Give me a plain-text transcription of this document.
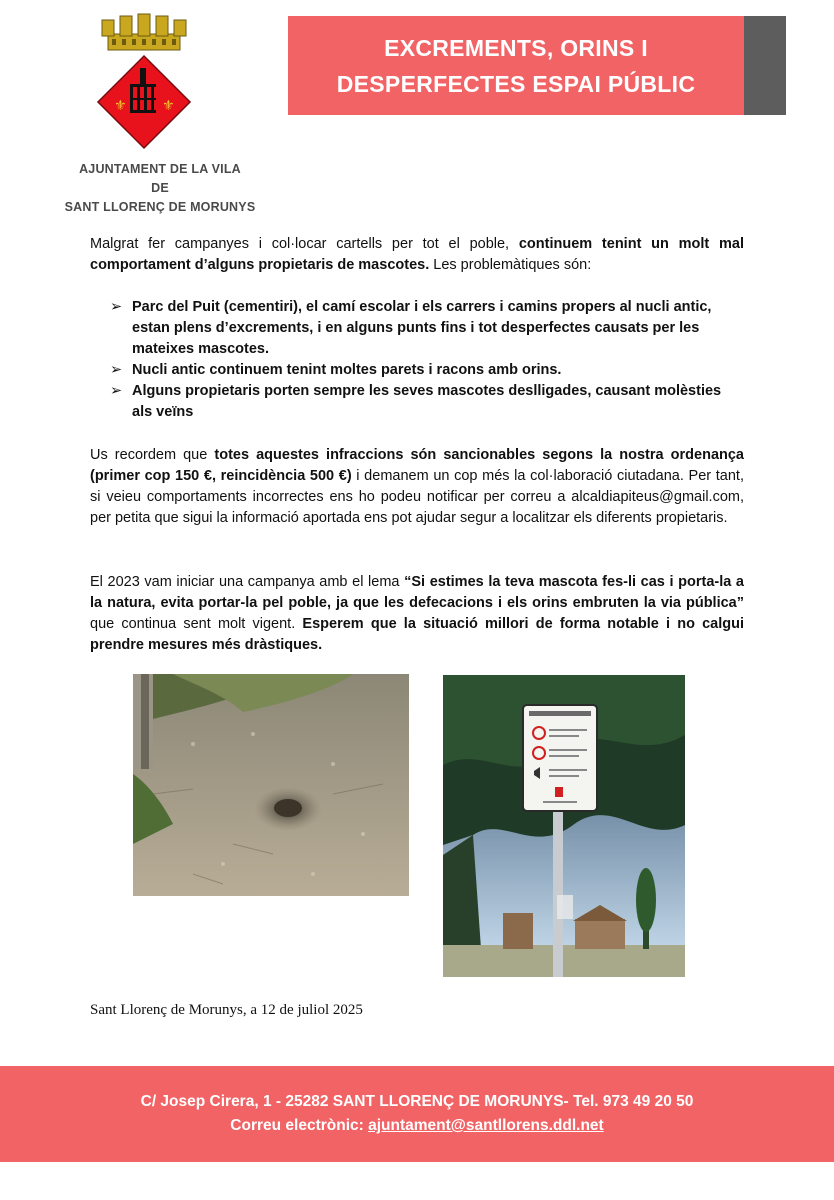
⚜	⚜
AJUNTAMENT DE LA VILA
DE
SANT LLORENÇ DE MORUNYS
EXCREMENTS, ORINS I
DESPERFECTES ESPAI PÚBLIC
Malgrat fer campanyes i col·locar cartells per tot el poble, continuem tenint un molt mal comportament d’alguns propietaris de mascotes. Les problemàtiques són:
➢ Parc del Puit (cementiri), el camí escolar i els carrers i camins propers al nucli antic, estan plens d’excrements, i en alguns punts fins i tot desperfectes causats per les mateixes mascotes.
➢ Nucli antic continuem tenint moltes parets i racons amb orins.
➢ Alguns propietaris porten sempre les seves mascotes deslligades, causant molèsties als veïns
Us recordem que totes aquestes infraccions són sancionables segons la nostra ordenança (primer cop 150 €, reincidència 500 €) i demanem un cop més la col·laboració ciutadana. Per tant, si veieu comportaments incorrectes ens ho podeu notificar per correu a alcaldiapiteus@gmail.com, per petita que sigui la informació aportada ens pot ajudar segur a localitzar els diferents propietaris.
El 2023 vam iniciar una campanya amb el lema “Si estimes la teva mascota fes-li cas i porta-la a la natura, evita portar-la pel poble, ja que les defecacions i els orins embruten la via pública” que continua sent molt vigent. Esperem que la situació millori de forma notable i no calgui prendre mesures més dràstiques.
Sant Llorenç de Morunys, a 12 de juliol 2025
C/ Josep Cirera, 1 - 25282 SANT LLORENÇ DE MORUNYS- Tel. 973 49 20 50
Correu electrònic: ajuntament@santllorens.ddl.net
